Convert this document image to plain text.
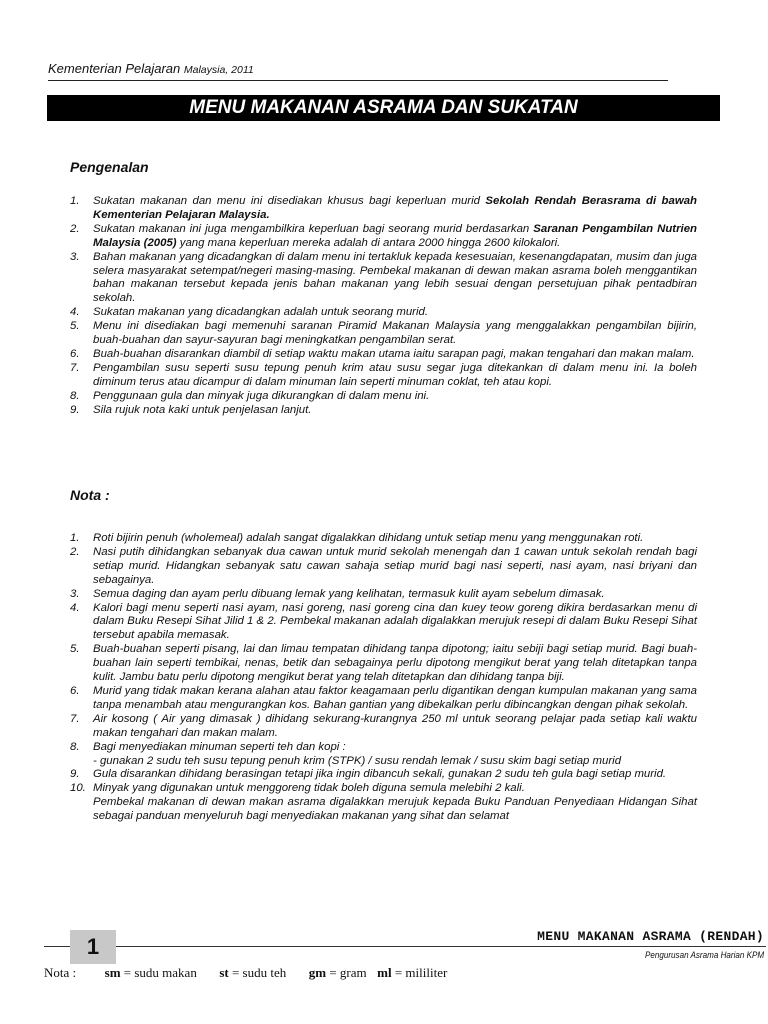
Kementerian Pelajaran Malaysia, 2011
MENU MAKANAN ASRAMA DAN SUKATAN
Pengenalan
1. Sukatan makanan dan menu ini disediakan khusus bagi keperluan murid Sekolah Rendah Berasrama di bawah Kementerian Pelajaran Malaysia.
2. Sukatan makanan ini juga mengambilkira keperluan bagi seorang murid berdasarkan Saranan Pengambilan Nutrien Malaysia (2005) yang mana keperluan mereka adalah di antara 2000 hingga 2600 kilokalori.
3. Bahan makanan yang dicadangkan di dalam menu ini tertakluk kepada kesesuaian, kesenangdapatan, musim dan juga selera masyarakat setempat/negeri masing-masing. Pembekal makanan di dewan makan asrama boleh menggantikan bahan makanan tersebut kepada jenis bahan makanan yang lebih sesuai dengan persetujuan pihak pentadbiran sekolah.
4. Sukatan makanan yang dicadangkan adalah untuk seorang murid.
5. Menu ini disediakan bagi memenuhi saranan Piramid Makanan Malaysia yang menggalakkan pengambilan bijirin, buah-buahan dan sayur-sayuran bagi meningkatkan pengambilan serat.
6. Buah-buahan disarankan diambil di setiap waktu makan utama iaitu sarapan pagi, makan tengahari dan makan malam.
7. Pengambilan susu seperti susu tepung penuh krim atau susu segar juga ditekankan di dalam menu ini. Ia boleh diminum terus atau dicampur di dalam minuman lain seperti minuman coklat, teh atau kopi.
8. Penggunaan gula dan minyak juga dikurangkan di dalam menu ini.
9. Sila rujuk nota kaki untuk penjelasan lanjut.
Nota :
1. Roti bijirin penuh (wholemeal) adalah sangat digalakkan dihidang untuk setiap menu yang menggunakan roti.
2. Nasi putih dihidangkan sebanyak dua cawan untuk murid sekolah menengah dan 1 cawan untuk sekolah rendah bagi setiap murid. Hidangkan sebanyak satu cawan sahaja setiap murid bagi nasi seperti, nasi ayam, nasi briyani dan sebagainya.
3. Semua daging dan ayam perlu dibuang lemak yang kelihatan, termasuk kulit ayam sebelum dimasak.
4. Kalori bagi menu seperti nasi ayam, nasi goreng, nasi goreng cina dan kuey teow goreng dikira berdasarkan menu di dalam Buku Resepi Sihat Jilid 1 & 2. Pembekal makanan adalah digalakkan merujuk resepi di dalam Buku Resepi Sihat tersebut apabila memasak.
5. Buah-buahan seperti pisang, lai dan limau tempatan dihidang tanpa dipotong; iaitu sebiji bagi setiap murid. Bagi buah-buahan lain seperti tembikai, nenas, betik dan sebagainya perlu dipotong mengikut berat yang telah ditetapkan tanpa kulit. Jambu batu perlu dipotong mengikut berat yang telah ditetapkan dan dihidang tanpa biji.
6. Murid yang tidak makan kerana alahan atau faktor keagamaan perlu digantikan dengan kumpulan makanan yang sama tanpa menambah atau mengurangkan kos. Bahan gantian yang dibekalkan perlu dibincangkan dengan pihak sekolah.
7. Air kosong ( Air yang dimasak ) dihidang sekurang-kurangnya 250 ml untuk seorang pelajar pada setiap kali waktu makan tengahari dan makan malam.
8. Bagi menyediakan minuman seperti teh dan kopi :
- gunakan 2 sudu teh susu tepung penuh krim (STPK) / susu rendah lemak / susu skim bagi setiap murid
9. Gula disarankan dihidang berasingan tetapi jika ingin dibancuh sekali, gunakan 2 sudu teh gula bagi setiap murid.
10. Minyak yang digunakan untuk menggoreng tidak boleh diguna semula melebihi 2 kali.
Pembekal makanan di dewan makan asrama digalakkan merujuk kepada Buku Panduan Penyediaan Hidangan Sihat sebagai panduan menyeluruh bagi menyediakan makanan yang sihat dan selamat
MENU MAKANAN ASRAMA (RENDAH)
Pengurusan Asrama Harian KPM
1
Nota : sm = sudu makan st = sudu teh gm = gram ml = mililiter
